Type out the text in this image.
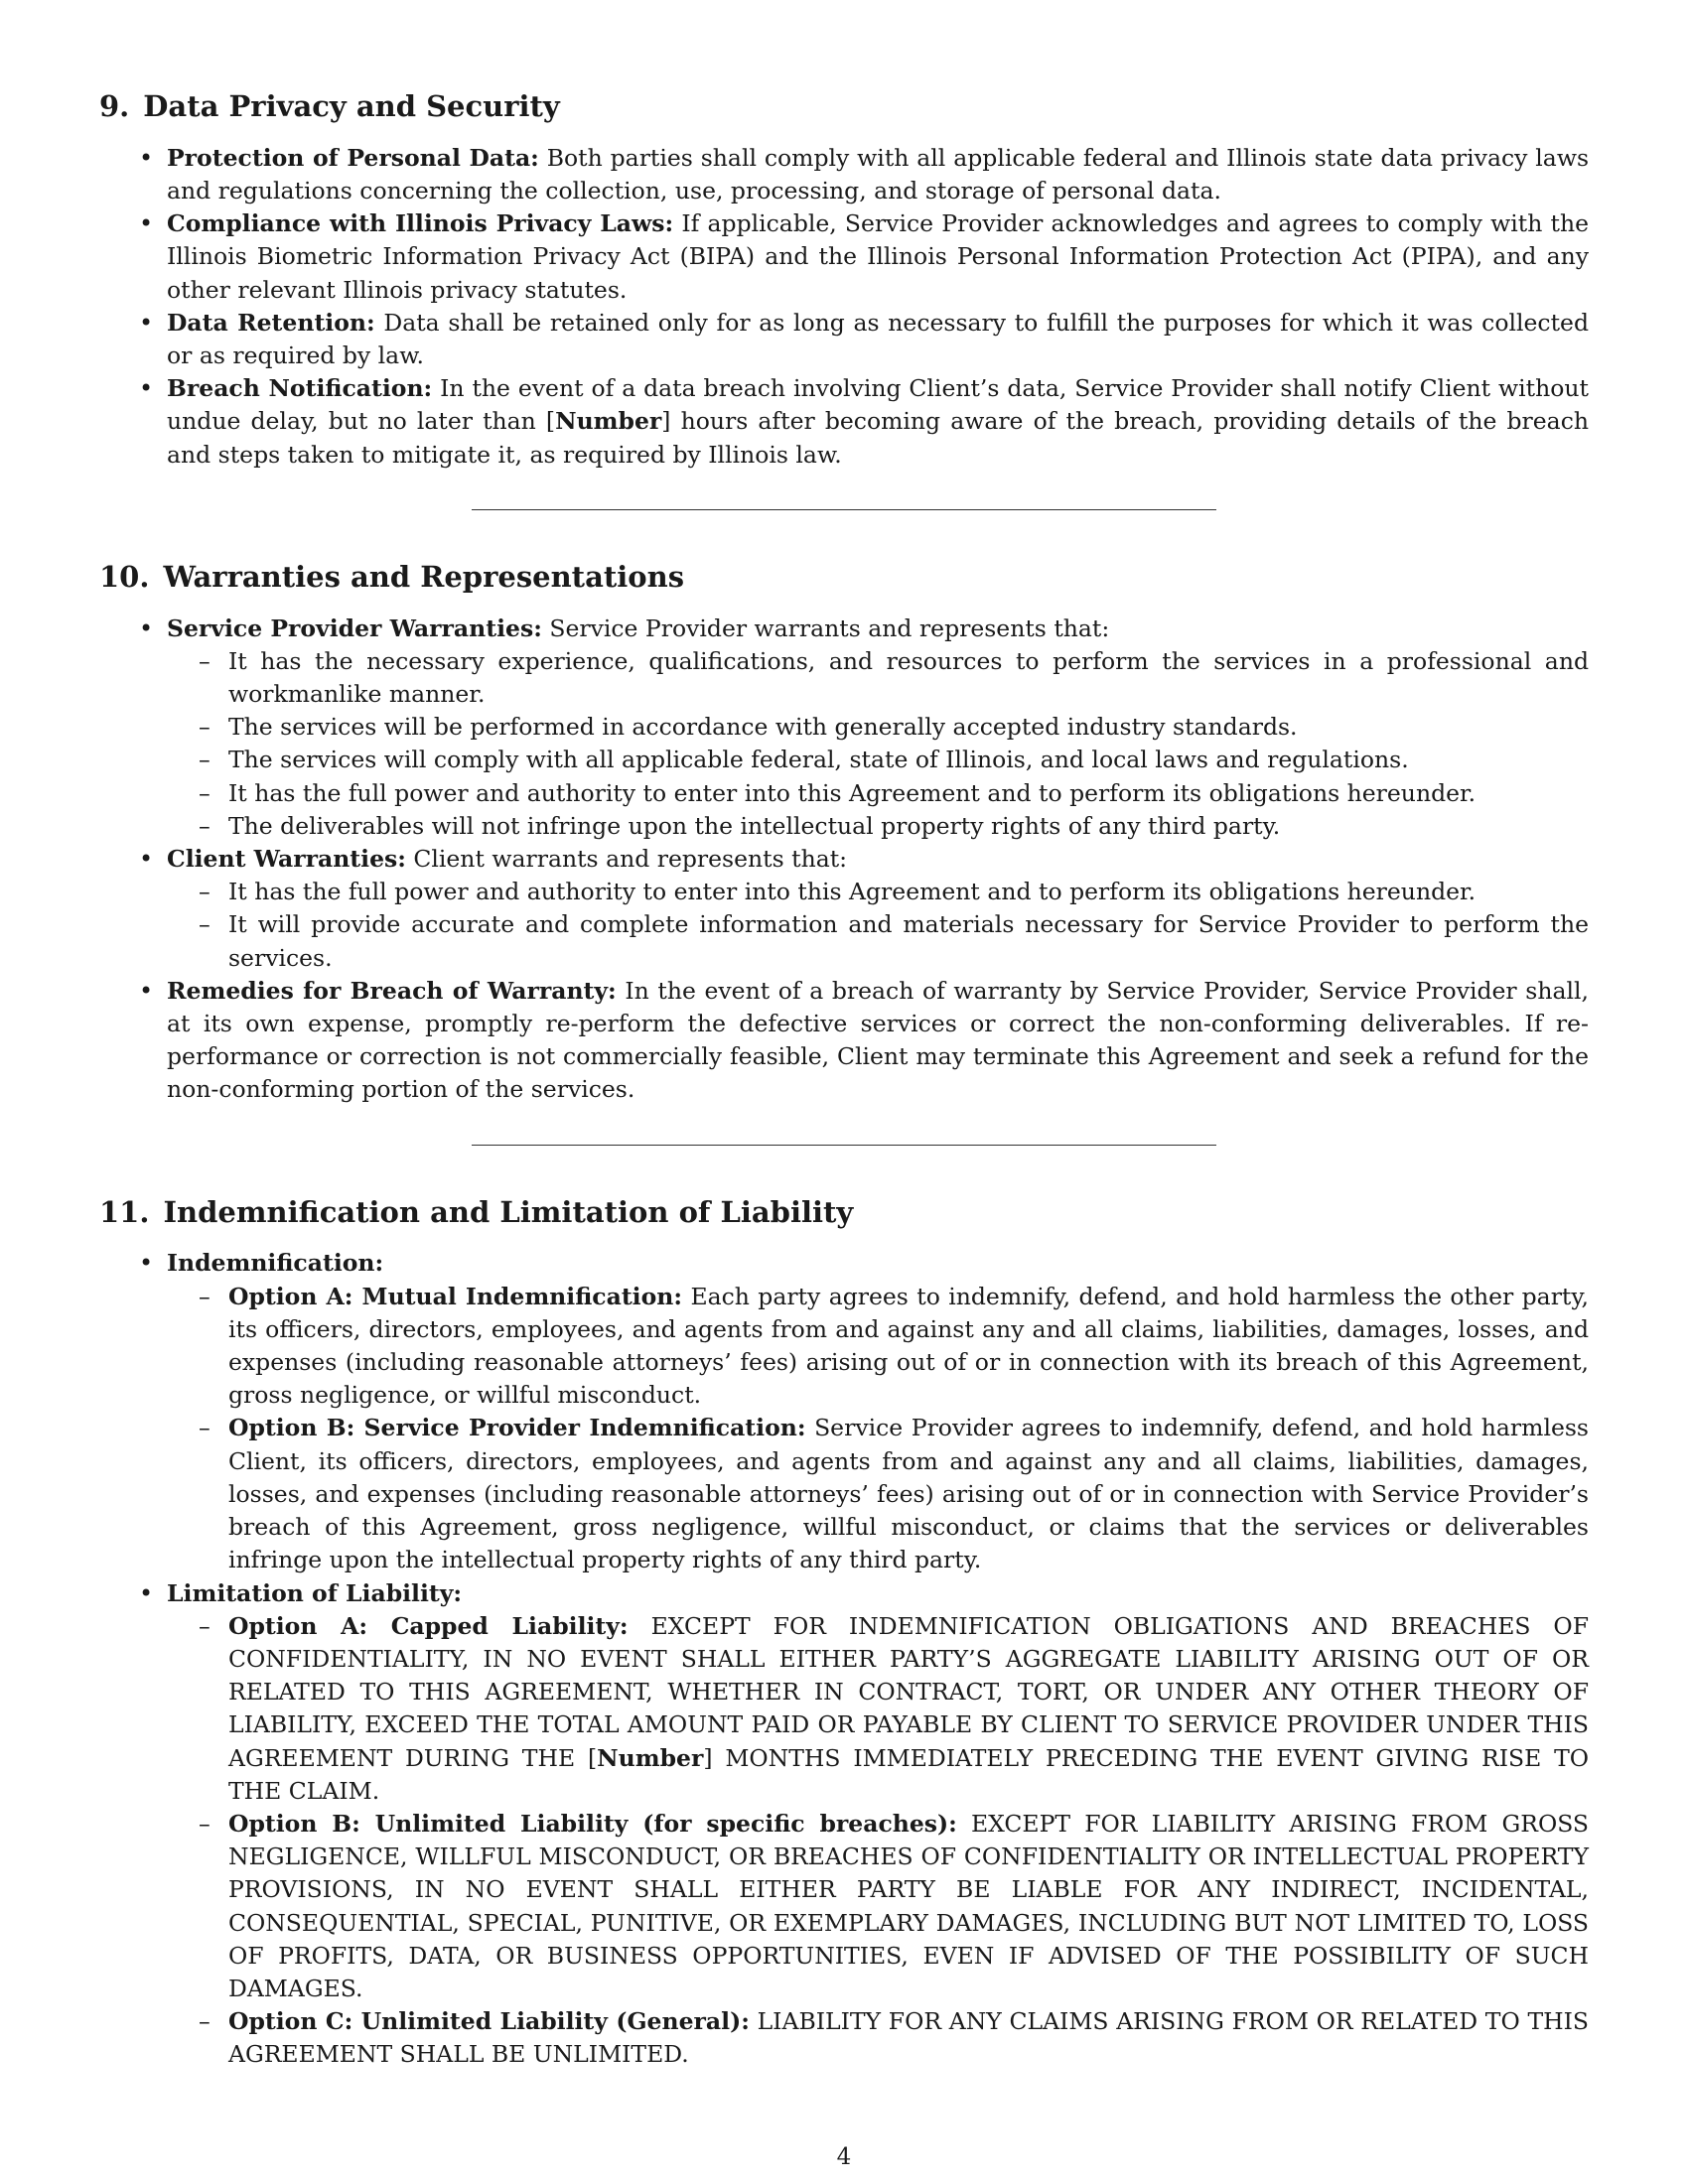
9. Data Privacy and Security
• Protection of Personal Data: Both parties shall comply with all applicable federal and Illinois state data privacy laws and regulations concerning the collection, use, processing, and storage of personal data.
• Compliance with Illinois Privacy Laws: If applicable, Service Provider acknowledges and agrees to comply with the Illinois Biometric Information Privacy Act (BIPA) and the Illinois Personal Information Protection Act (PIPA), and any other relevant Illinois privacy statutes.
• Data Retention: Data shall be retained only for as long as necessary to fulfill the purposes for which it was collected or as required by law.
• Breach Notification: In the event of a data breach involving Client’s data, Service Provider shall notify Client without undue delay, but no later than [Number] hours after becoming aware of the breach, providing details of the breach and steps taken to mitigate it, as required by Illinois law.
10. Warranties and Representations
• Service Provider Warranties: Service Provider warrants and represents that:
– It has the necessary experience, qualifications, and resources to perform the services in a professional and workmanlike manner.
– The services will be performed in accordance with generally accepted industry standards.
– The services will comply with all applicable federal, state of Illinois, and local laws and regulations.
– It has the full power and authority to enter into this Agreement and to perform its obligations hereunder.
– The deliverables will not infringe upon the intellectual property rights of any third party.
• Client Warranties: Client warrants and represents that:
– It has the full power and authority to enter into this Agreement and to perform its obligations hereunder.
– It will provide accurate and complete information and materials necessary for Service Provider to perform the services.
• Remedies for Breach of Warranty: In the event of a breach of warranty by Service Provider, Service Provider shall, at its own expense, promptly re-perform the defective services or correct the non-conforming deliverables. If re-performance or correction is not commercially feasible, Client may terminate this Agreement and seek a refund for the non-conforming portion of the services.
11. Indemnification and Limitation of Liability
• Indemnification:
– Option A: Mutual Indemnification: Each party agrees to indemnify, defend, and hold harmless the other party, its officers, directors, employees, and agents from and against any and all claims, liabilities, damages, losses, and expenses (including reasonable attorneys’ fees) arising out of or in connection with its breach of this Agreement, gross negligence, or willful misconduct.
– Option B: Service Provider Indemnification: Service Provider agrees to indemnify, defend, and hold harmless Client, its officers, directors, employees, and agents from and against any and all claims, liabilities, damages, losses, and expenses (including reasonable attorneys’ fees) arising out of or in connection with Service Provider’s breach of this Agreement, gross negligence, willful misconduct, or claims that the services or deliverables infringe upon the intellectual property rights of any third party.
• Limitation of Liability:
– Option A: Capped Liability: EXCEPT FOR INDEMNIFICATION OBLIGATIONS AND BREACHES OF CONFIDENTIALITY, IN NO EVENT SHALL EITHER PARTY’S AGGREGATE LIABILITY ARISING OUT OF OR RELATED TO THIS AGREEMENT, WHETHER IN CONTRACT, TORT, OR UNDER ANY OTHER THEORY OF LIABILITY, EXCEED THE TOTAL AMOUNT PAID OR PAYABLE BY CLIENT TO SERVICE PROVIDER UNDER THIS AGREEMENT DURING THE [Number] MONTHS IMMEDIATELY PRECEDING THE EVENT GIVING RISE TO THE CLAIM.
– Option B: Unlimited Liability (for specific breaches): EXCEPT FOR LIABILITY ARISING FROM GROSS NEGLIGENCE, WILLFUL MISCONDUCT, OR BREACHES OF CONFIDENTIALITY OR INTELLECTUAL PROPERTY PROVISIONS, IN NO EVENT SHALL EITHER PARTY BE LIABLE FOR ANY INDIRECT, INCIDENTAL, CONSEQUENTIAL, SPECIAL, PUNITIVE, OR EXEMPLARY DAMAGES, INCLUDING BUT NOT LIMITED TO, LOSS OF PROFITS, DATA, OR BUSINESS OPPORTUNITIES, EVEN IF ADVISED OF THE POSSIBILITY OF SUCH DAMAGES.
– Option C: Unlimited Liability (General): LIABILITY FOR ANY CLAIMS ARISING FROM OR RELATED TO THIS AGREEMENT SHALL BE UNLIMITED.
4
